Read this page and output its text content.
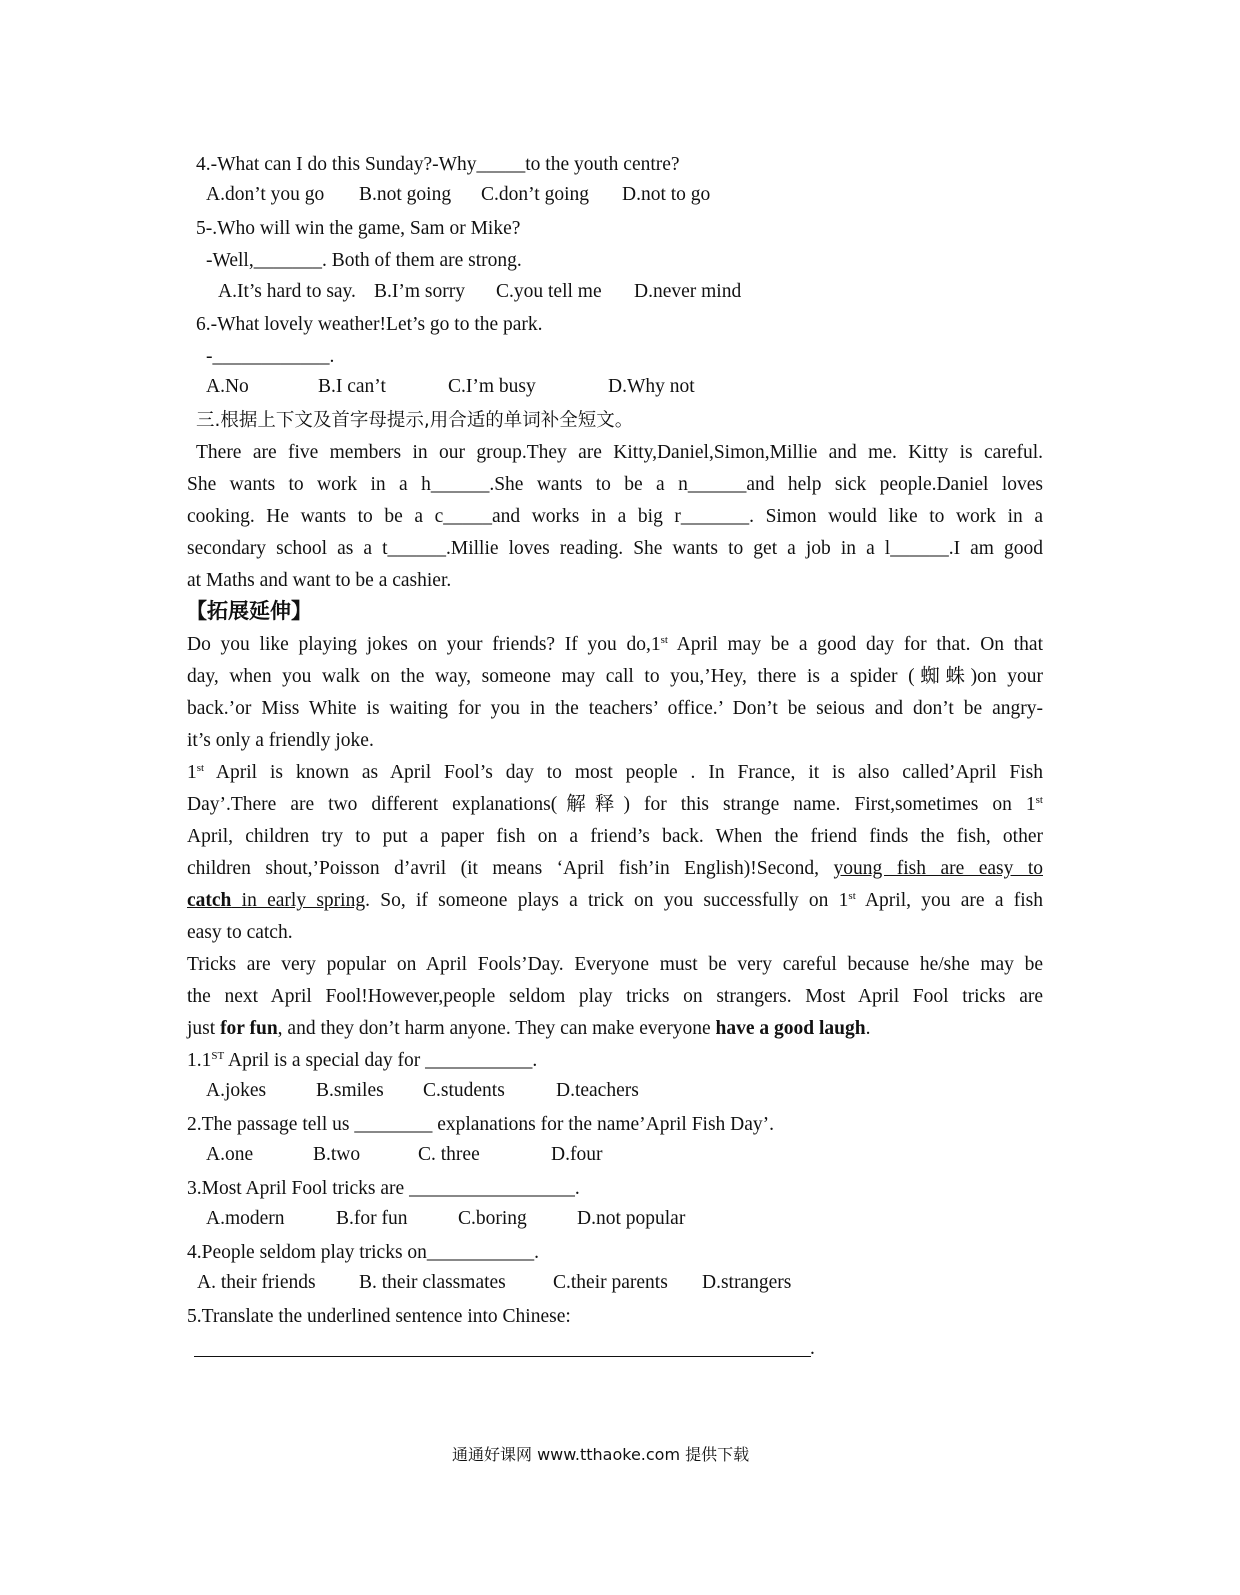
4.-What can I do this Sunday?-Why_____to the youth centre?
A.don’t you go B.not going C.don’t going D.not to go
5-.Who will win the game, Sam or Mike?
-Well,_______. Both of them are strong.
A.It’s hard to say. B.I’m sorry C.you tell me D.never mind
6.-What lovely weather!Let’s go to the park.
-____________.
A.No	B.I can’t	C.I’m busy	D.Why not
三.根据上下文及首字母提示,用合适的单词补全短文。
There are five members in our group.They are Kitty,Daniel,Simon,Millie and me. Kitty is careful.
She wants to work in a h______.She wants to be a n______and help sick people.Daniel loves
cooking. He wants to be a c_____and works in a big r_______. Simon would like to work in a
secondary school as a t______.Millie loves reading. She wants to get a job in a l______.I am good
at Maths and want to be a cashier.
【拓展延伸】
Do you like playing jokes on your friends? If you do,1st April may be a good day for that. On that
day, when you walk on the way, someone may call to you,’Hey, there is a spider (蜘蛛)on your
back.’or Miss White is waiting for you in the teachers’ office.’ Don’t be seious and don’t be angry-
it’s only a friendly joke.
1st April is known as April Fool’s day to most people . In France, it is also called’April Fish
Day’.There are two different explanations(解释) for this strange name. First,sometimes on 1st
April, children try to put a paper fish on a friend’s back. When the friend finds the fish, other
children shout,’Poisson d’avril (it means ‘April fish’in English)!Second, young fish are easy to
catch in early spring. So, if someone plays a trick on you successfully on 1st April, you are a fish
easy to catch.
Tricks are very popular on April Fools’Day. Everyone must be very careful because he/she may be
the next April Fool!However,people seldom play tricks on strangers. Most April Fool tricks are
just for fun, and they don’t harm anyone. They can make everyone have a good laugh.
1.1ST April is a special day for ___________.
A.jokes	B.smiles C.students	D.teachers
2.The passage tell us ________ explanations for the name’April Fish Day’.
A.one	B.two	C. three	D.four
3.Most April Fool tricks are _________________.
A.modern	B.for fun	C.boring	D.not popular
4.People seldom play tricks on___________.
A. their friends B. their classmates C.their parents D.strangers
5.Translate the underlined sentence into Chinese:
.
通通好课网 www.tthaoke.com 提供下载
